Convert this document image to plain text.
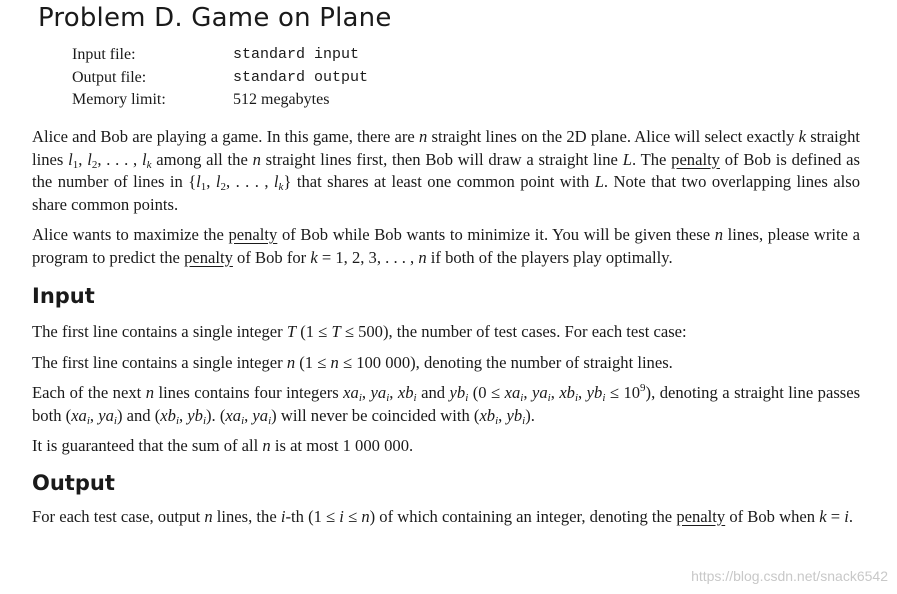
Problem D. Game on Plane
Input file:	standard input
Output file:	standard output
Memory limit:	512 megabytes

Alice and Bob are playing a game. In this game, there are n straight lines on the 2D plane. Alice will select exactly k straight lines $l_1$, $l_2$, . . . , $l_k$ among all the n straight lines first, then Bob will draw a straight line L. The penalty of Bob is defined as the number of lines in {$l_1$, $l_2$, . . . , $l_k$} that shares at least one common point with L. Note that two overlapping lines also share common points.

Alice wants to maximize the penalty of Bob while Bob wants to minimize it. You will be given these n lines, please write a program to predict the penalty of Bob for k = 1, 2, 3, . . . , n if both of the players play optimally.

Input

The first line contains a single integer T (1 ≤ T ≤ 500), the number of test cases. For each test case:

The first line contains a single integer n (1 ≤ n ≤ 100 000), denoting the number of straight lines.

Each of the next n lines contains four integers $xa_i$, $ya_i$, $xb_i$ and $yb_i$ ($0 \le xa_i$, $ya_i$, $xb_i$, $yb_i \le 10^9$), denoting a straight line passes both ($xa_i$, $ya_i$) and ($xb_i$, $yb_i$). ($xa_i$, $ya_i$) will never be coincided with ($xb_i$, $yb_i$).

It is guaranteed that the sum of all n is at most 1 000 000.

Output

For each test case, output n lines, the i-th (1 ≤ i ≤ n) of which containing an integer, denoting the penalty of Bob when k = i.

https://blog.csdn.net/snack6542
